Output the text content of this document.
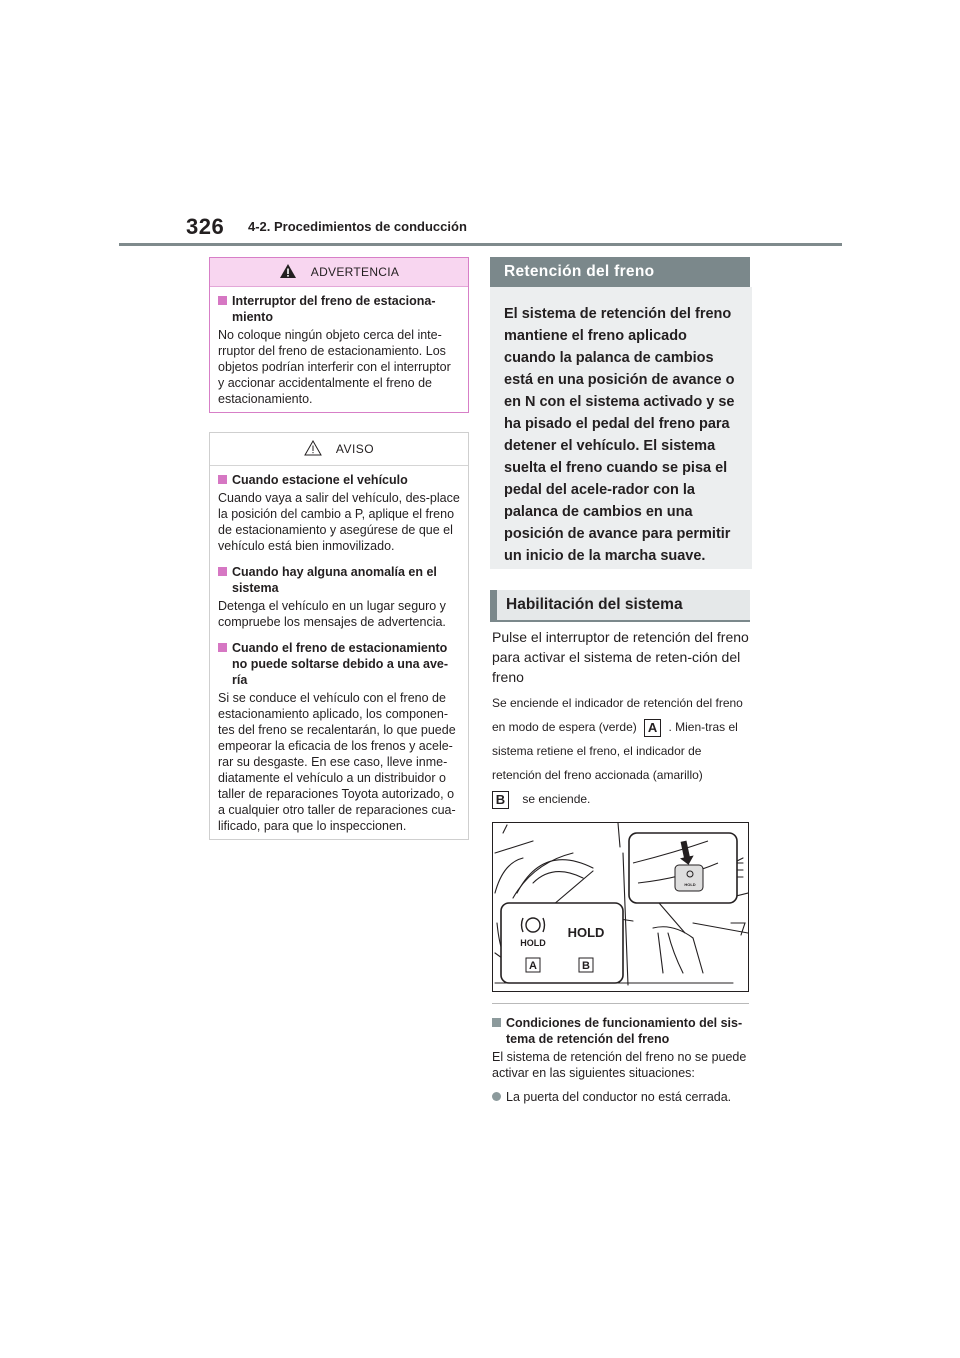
326 4-2. Procedimientos de conducción
ADVERTENCIA
Interruptor del freno de estaciona-miento

No coloque ningún objeto cerca del inte-rruptor del freno de estacionamiento. Los objetos podrían interferir con el interruptor y accionar accidentalmente el freno de estacionamiento.

AVISO
Cuando estacione el vehículo

Cuando vaya a salir del vehículo, des-place la posición del cambio a P, aplique el freno de estacionamiento y asegúrese de que el vehículo está bien inmovilizado.

Cuando hay alguna anomalía en el sistema

Detenga el vehículo en un lugar seguro y compruebe los mensajes de advertencia.

Cuando el freno de estacionamiento no puede soltarse debido a una ave-ría

Si se conduce el vehículo con el freno de estacionamiento aplicado, los componen-tes del freno se recalentarán, lo que puede empeorar la eficacia de los frenos y acele-rar su desgaste. En ese caso, lleve inme-diatamente el vehículo a un distribuidor o taller de reparaciones Toyota autorizado, o a cualquier otro taller de reparaciones cua-lificado, para que lo inspeccionen.

Retención del freno
El sistema de retención del freno mantiene el freno aplicado cuando la palanca de cambios está en una posición de avance o en N con el sistema activado y se ha pisado el pedal del freno para detener el vehículo. El sistema suelta el freno cuando se pisa el pedal del acele-rador con la palanca de cambios en una posición de avance para permitir un inicio de la marcha suave.
Habilitación del sistema
Pulse el interruptor de retención del freno para activar el sistema de reten-ción del freno
Se enciende el indicador de retención del freno en modo de espera (verde) A . Mien-tras el sistema retiene el freno, el indicador de retención del freno accionada (amarillo)
B se enciende.
HOLD
HOLD
HOLD
A	B
Condiciones de funcionamiento del sis-tema de retención del freno

El sistema de retención del freno no se puede activar en las siguientes situaciones:

La puerta del conductor no está cerrada.
